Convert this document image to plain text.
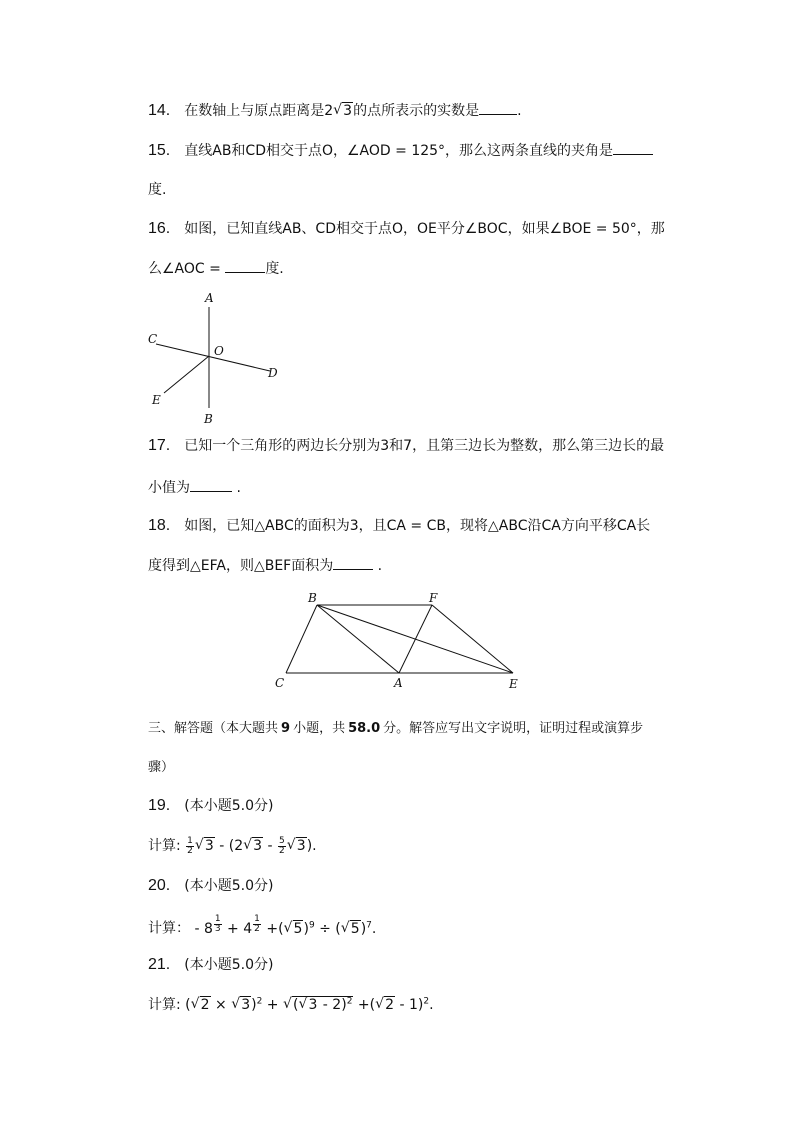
14. 在数轴上与原点距离是2 √ 3的点所表示的实数是	.
15. 直线AB和CD相交于点O，∠AOD = 125°，那么这两条直线的夹角是
度.
16. 如图，已知直线AB、CD相交于点O，OE平分∠BOC，如果∠BOE = 50°，那
么∠AOC =	度.
A
C
O
D
E
B
17. 已知一个三角形的两边长分别为3和7，且第三边长为整数，那么第三边长的最
小值为	.
18. 如图，已知△ABC的面积为3，且CA = CB，现将△ABC沿CA方向平移CA长
度得到△EFA，则△BEF面积为	.
B	F
C	A	E
三、解答题（本大题共 9 小题，共 58.0 分。解答应写出文字说明，证明过程或演算步
骤）
19. (本小题5.0分)
计算: $\frac{1}{2}$ √ 3 - (2 √ $3 - \frac{5}{2}$ √ 3).
20. (本小题5.0分)
计算： - 8 $^{\frac{1}{3}}$ + 4 $^{\frac{1}{2}}$ +( √ 5)$^9$ ÷ ( √ 5)$^7$.
21. (本小题5.0分)
计算: ( √ 2 × √ 3)$^2$ + √ ( √ 3 - 2)$^2$ +( √ 2 - 1)$^2$.
